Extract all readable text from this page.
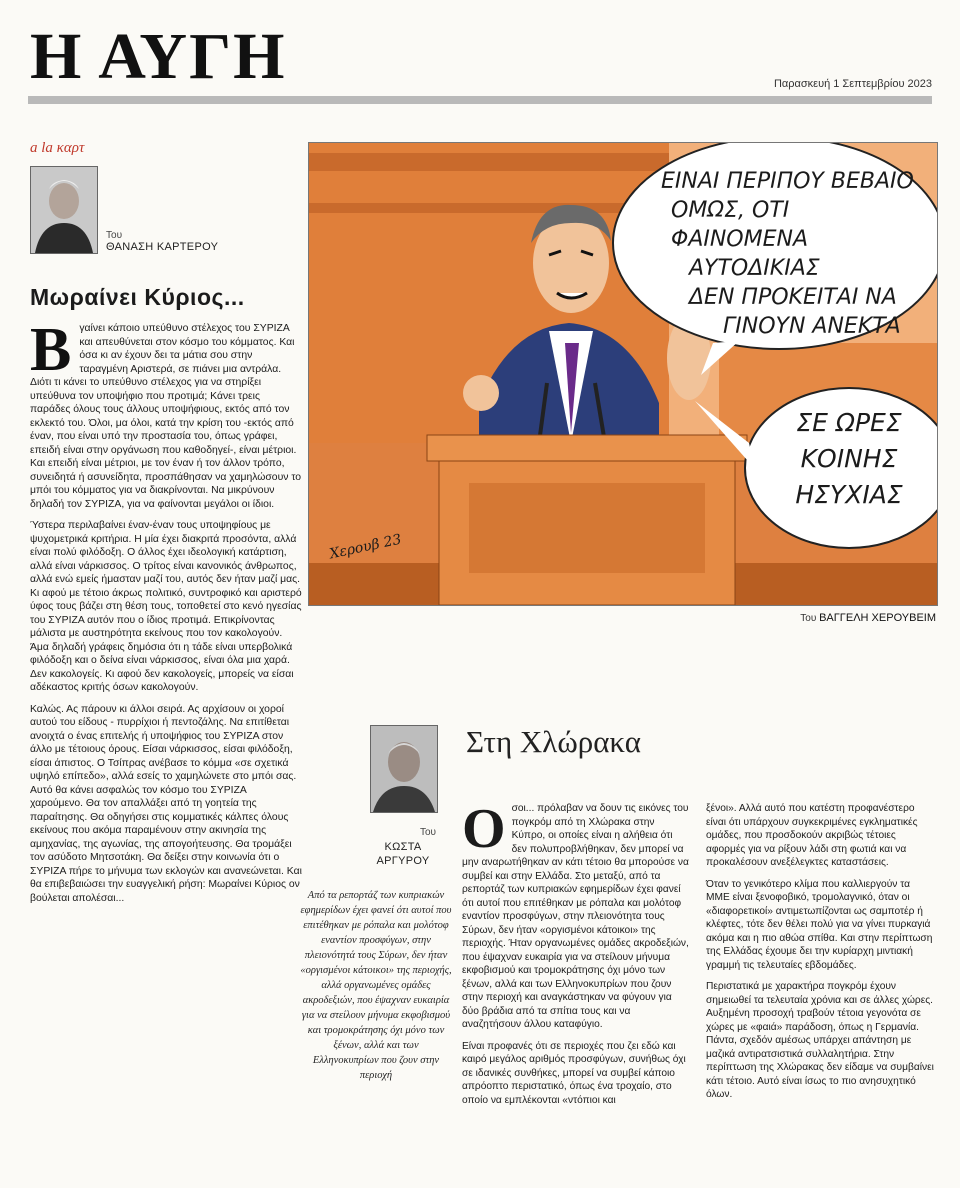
Η ΑΥΓΗ	Παρασκευή 1 Σεπτεμβρίου 2023
a la καρτ
Του
ΘΑΝΑΣΗ ΚΑΡΤΕΡΟΥ
Μωραίνει Κύριος...

Βγαίνει κάποιο υπεύθυνο στέλεχος του ΣΥΡΙΖΑ και απευθύνεται στον κόσμο του κόμματος. Και όσα κι αν έχουν δει τα μάτια σου στην ταραγμένη Αριστερά, σε πιάνει μια αντράλα. Διότι τι κάνει το υπεύθυνο στέλεχος για να στηρίξει υπεύθυνα τον υποψήφιο που προτιμά; Κάνει τρεις παράδες όλους τους άλλους υποψήφιους, εκτός από τον εκλεκτό του. Όλοι, μα όλοι, κατά την κρίση του -εκτός από έναν, που είναι υπό την προστασία του, όπως γράφει, επειδή είναι στην οργάνωση που καθοδηγεί-, είναι μέτριοι. Και επειδή είναι μέτριοι, με τον έναν ή τον άλλον τρόπο, συνειδητά ή ασυνείδητα, προσπάθησαν να χαμηλώσουν το μπόι του κόμματος για να διακρίνονται. Να μικρύνουν δηλαδή τον ΣΥΡΙΖΑ, για να φαίνονται μεγάλοι οι ίδιοι.

Ύστερα περιλαβαίνει έναν-έναν τους υποψηφίους με ψυχομετρικά κριτήρια. Η μία έχει διακριτά προσόντα, αλλά είναι πολύ φιλόδοξη. Ο άλλος έχει ιδεολογική κατάρτιση, αλλά είναι νάρκισσος. Ο τρίτος είναι κανονικός άνθρωπος, αλλά ενώ εμείς ήμασταν μαζί του, αυτός δεν ήταν μαζί μας. Κι αφού με τέτοιο άκρως πολιτικό, συντροφικό και αριστερό ύφος τους βάζει στη θέση τους, τοποθετεί στο κενό ηγεσίας του ΣΥΡΙΖΑ αυτόν που ο ίδιος προτιμά. Επικρίνοντας μάλιστα με αυστηρότητα εκείνους που τον κακολογούν. Άμα δηλαδή γράφεις δημόσια ότι η τάδε είναι υπερβολικά φιλόδοξη και ο δείνα είναι νάρκισσος, είναι όλα μια χαρά. Δεν κακολογείς. Κι αφού δεν κακολογείς, μπορείς να είσαι αδέκαστος κριτής όσων κακολογούν.

Καλώς. Ας πάρουν κι άλλοι σειρά. Ας αρχίσουν οι χοροί αυτού του είδους - πυρρίχιοι ή πεντοζάλης. Να επιτίθεται ανοιχτά ο ένας επιτελής ή υποψήφιος του ΣΥΡΙΖΑ στον άλλο με τέτοιους όρους. Είσαι νάρκισσος, είσαι φιλόδοξη, είσαι άπιστος. Ο Τσίπρας ανέβασε το κόμμα «σε σχετικά υψηλό επίπεδο», αλλά εσείς το χαμηλώνετε στο μπόι σας. Αυτό θα κάνει ασφαλώς τον κόσμο του ΣΥΡΙΖΑ χαρούμενο. Θα τον απαλλάξει από τη γοητεία της παραίτησης. Θα οδηγήσει στις κομματικές κάλπες όλους εκείνους που ακόμα παραμένουν στην ακινησία της αμηχανίας, της αγωνίας, της απογοήτευσης. Θα τρομάξει τον ασύδοτο Μητσοτάκη. Θα δείξει στην κοινωνία ότι ο ΣΥΡΙΖΑ πήρε το μήνυμα των εκλογών και ανανεώνεται. Και θα επιβεβαιώσει την ευαγγελική ρήση: Μωραίνει Κύριος ον βούλεται απολέσαι...

ΕΙΝΑΙ ΠΕΡΙΠΟΥ ΒΕΒΑΙΟ
ΟΜΩΣ, ΟΤΙ ΦΑΙΝΟΜΕΝΑ
ΑΥΤΟΔΙΚΙΑΣ
ΔΕΝ ΠΡΟΚΕΙΤΑΙ ΝΑ
ΓΙΝΟΥΝ ΑΝΕΚΤΑ
ΣΕ ΩΡΕΣ
ΚΟΙΝΗΣ
ΗΣΥΧΙΑΣ
Χερουβ 23
Του ΒΑΓΓΕΛΗ ΧΕΡΟΥΒΕΙΜ
Στη Χλώρακα
Του
ΚΩΣΤΑ
ΑΡΓΥΡΟΥ
Από τα ρεπορτάζ των κυπριακών εφημερίδων έχει φανεί ότι αυτοί που επιτέθηκαν με ρόπαλα και μολότοφ εναντίον προσφύγων, στην πλειονότητά τους Σύρων, δεν ήταν «οργισμένοι κάτοικοι» της περιοχής, αλλά οργανωμένες ομάδες ακροδεξιών, που έψαχναν ευκαιρία για να στείλουν μήνυμα εκφοβισμού και τρομοκράτησης όχι μόνο των ξένων, αλλά και των Ελληνοκυπρίων που ζουν στην περιοχή

Οσοι... πρόλαβαν να δουν τις εικόνες του πογκρόμ από τη Χλώρακα στην Κύπρο, οι οποίες είναι η αλήθεια ότι δεν πολυπροβλήθηκαν, δεν μπορεί να μην αναρωτήθηκαν αν κάτι τέτοιο θα μπορούσε να συμβεί και στην Ελλάδα. Στο μεταξύ, από τα ρεπορτάζ των κυπριακών εφημερίδων έχει φανεί ότι αυτοί που επιτέθηκαν με ρόπαλα και μολότοφ εναντίον προσφύγων, στην πλειονότητα τους Σύρων, δεν ήταν «οργισμένοι κάτοικοι» της περιοχής. Ήταν οργανωμένες ομάδες ακροδεξιών, που έψαχναν ευκαιρία για να στείλουν μήνυμα εκφοβισμού και τρομοκράτησης όχι μόνο των ξένων, αλλά και των Ελληνοκυπρίων που ζουν στην περιοχή και αναγκάστηκαν να φύγουν για δύο βράδια από τα σπίτια τους και να αναζητήσουν άλλου καταφύγιο.

Είναι προφανές ότι σε περιοχές που ζει εδώ και καιρό μεγάλος αριθμός προσφύγων, συνήθως όχι σε ιδανικές συνθήκες, μπορεί να συμβεί κάποιο απρόοπτο περιστατικό, όπως ένα τροχαίο, στο οποίο να εμπλέκονται «ντόπιοι και

ξένοι». Αλλά αυτό που κατέστη προφανέστερο είναι ότι υπάρχουν συγκεκριμένες εγκληματικές ομάδες, που προσδοκούν ακριβώς τέτοιες αφορμές για να ρίξουν λάδι στη φωτιά και να προκαλέσουν ανεξέλεγκτες καταστάσεις.

Όταν το γενικότερο κλίμα που καλλιεργούν τα ΜΜΕ είναι ξενοφοβικό, τρομολαγνικό, όταν οι «διαφορετικοί» αντιμετωπίζονται ως σαμποτέρ ή κλέφτες, τότε δεν θέλει πολύ για να γίνει πυρκαγιά ακόμα και η πιο αθώα σπίθα. Και στην περίπτωση της Ελλάδας έχουμε δει την κυρίαρχη μιντιακή γραμμή τις τελευταίες εβδομάδες.

Περιστατικά με χαρακτήρα πογκρόμ έχουν σημειωθεί τα τελευταία χρόνια και σε άλλες χώρες. Αυξημένη προσοχή τραβούν τέτοια γεγονότα σε χώρες με «φαιά» παράδοση, όπως η Γερμανία. Πάντα, σχεδόν αμέσως υπάρχει απάντηση με μαζικά αντιρατσιστικά συλλαλητήρια. Στην περίπτωση της Χλώρακας δεν είδαμε να συμβαίνει κάτι τέτοιο. Αυτό είναι ίσως το πιο ανησυχητικό όλων.
